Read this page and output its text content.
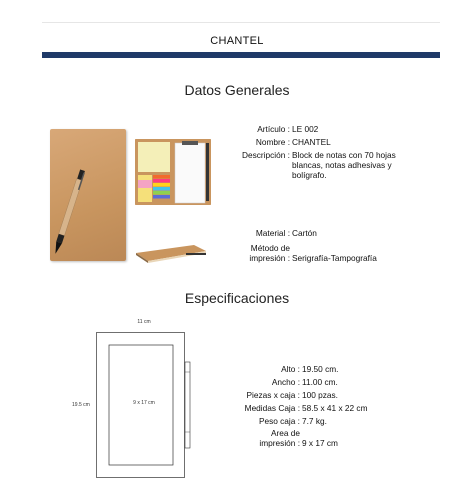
CHANTEL
Datos Generales
Artículo :
Nombre :
Descripción :
Material :
Método de
impresión :
LE 002
CHANTEL
Block de notas con 70 hojas
blancas, notas adhesivas y
bolígrafo.
Cartón
Serigrafía-Tampografía
Especificaciones
11 cm
19.5 cm	9 x 17 cm
Alto :
Ancho :
Piezas x caja :
Medidas Caja :
Peso caja :
Area de
impresión :
19.50 cm.
11.00 cm.
100 pzas.
58.5 x 41 x 22 cm
7.7 kg.
9 x 17 cm
